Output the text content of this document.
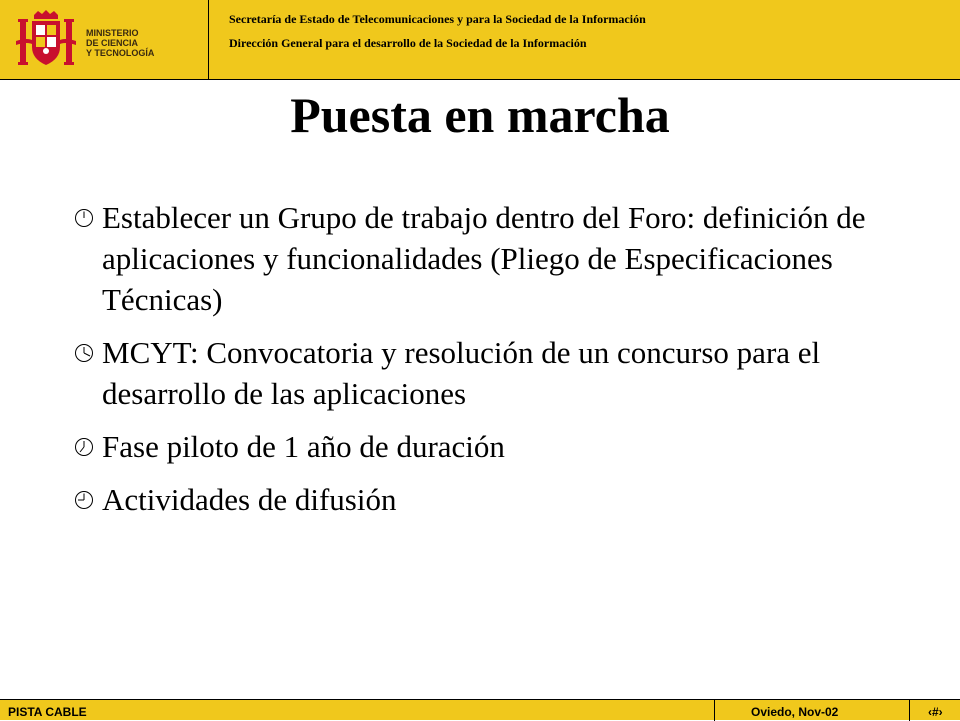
MINISTERIO
DE CIENCIA
Y TECNOLOGÍA
Secretaría de Estado de Telecomunicaciones y para la Sociedad de la Información
Dirección General para el desarrollo de la Sociedad de la Información
Puesta en marcha
Establecer un Grupo de trabajo dentro del Foro: definición de aplicaciones y funcionalidades (Pliego de Especificaciones Técnicas)
MCYT: Convocatoria y resolución de un concurso para el desarrollo de las aplicaciones
Fase piloto de 1 año de duración
Actividades de difusión
PISTA CABLE	Oviedo, Nov-02	‹#›
